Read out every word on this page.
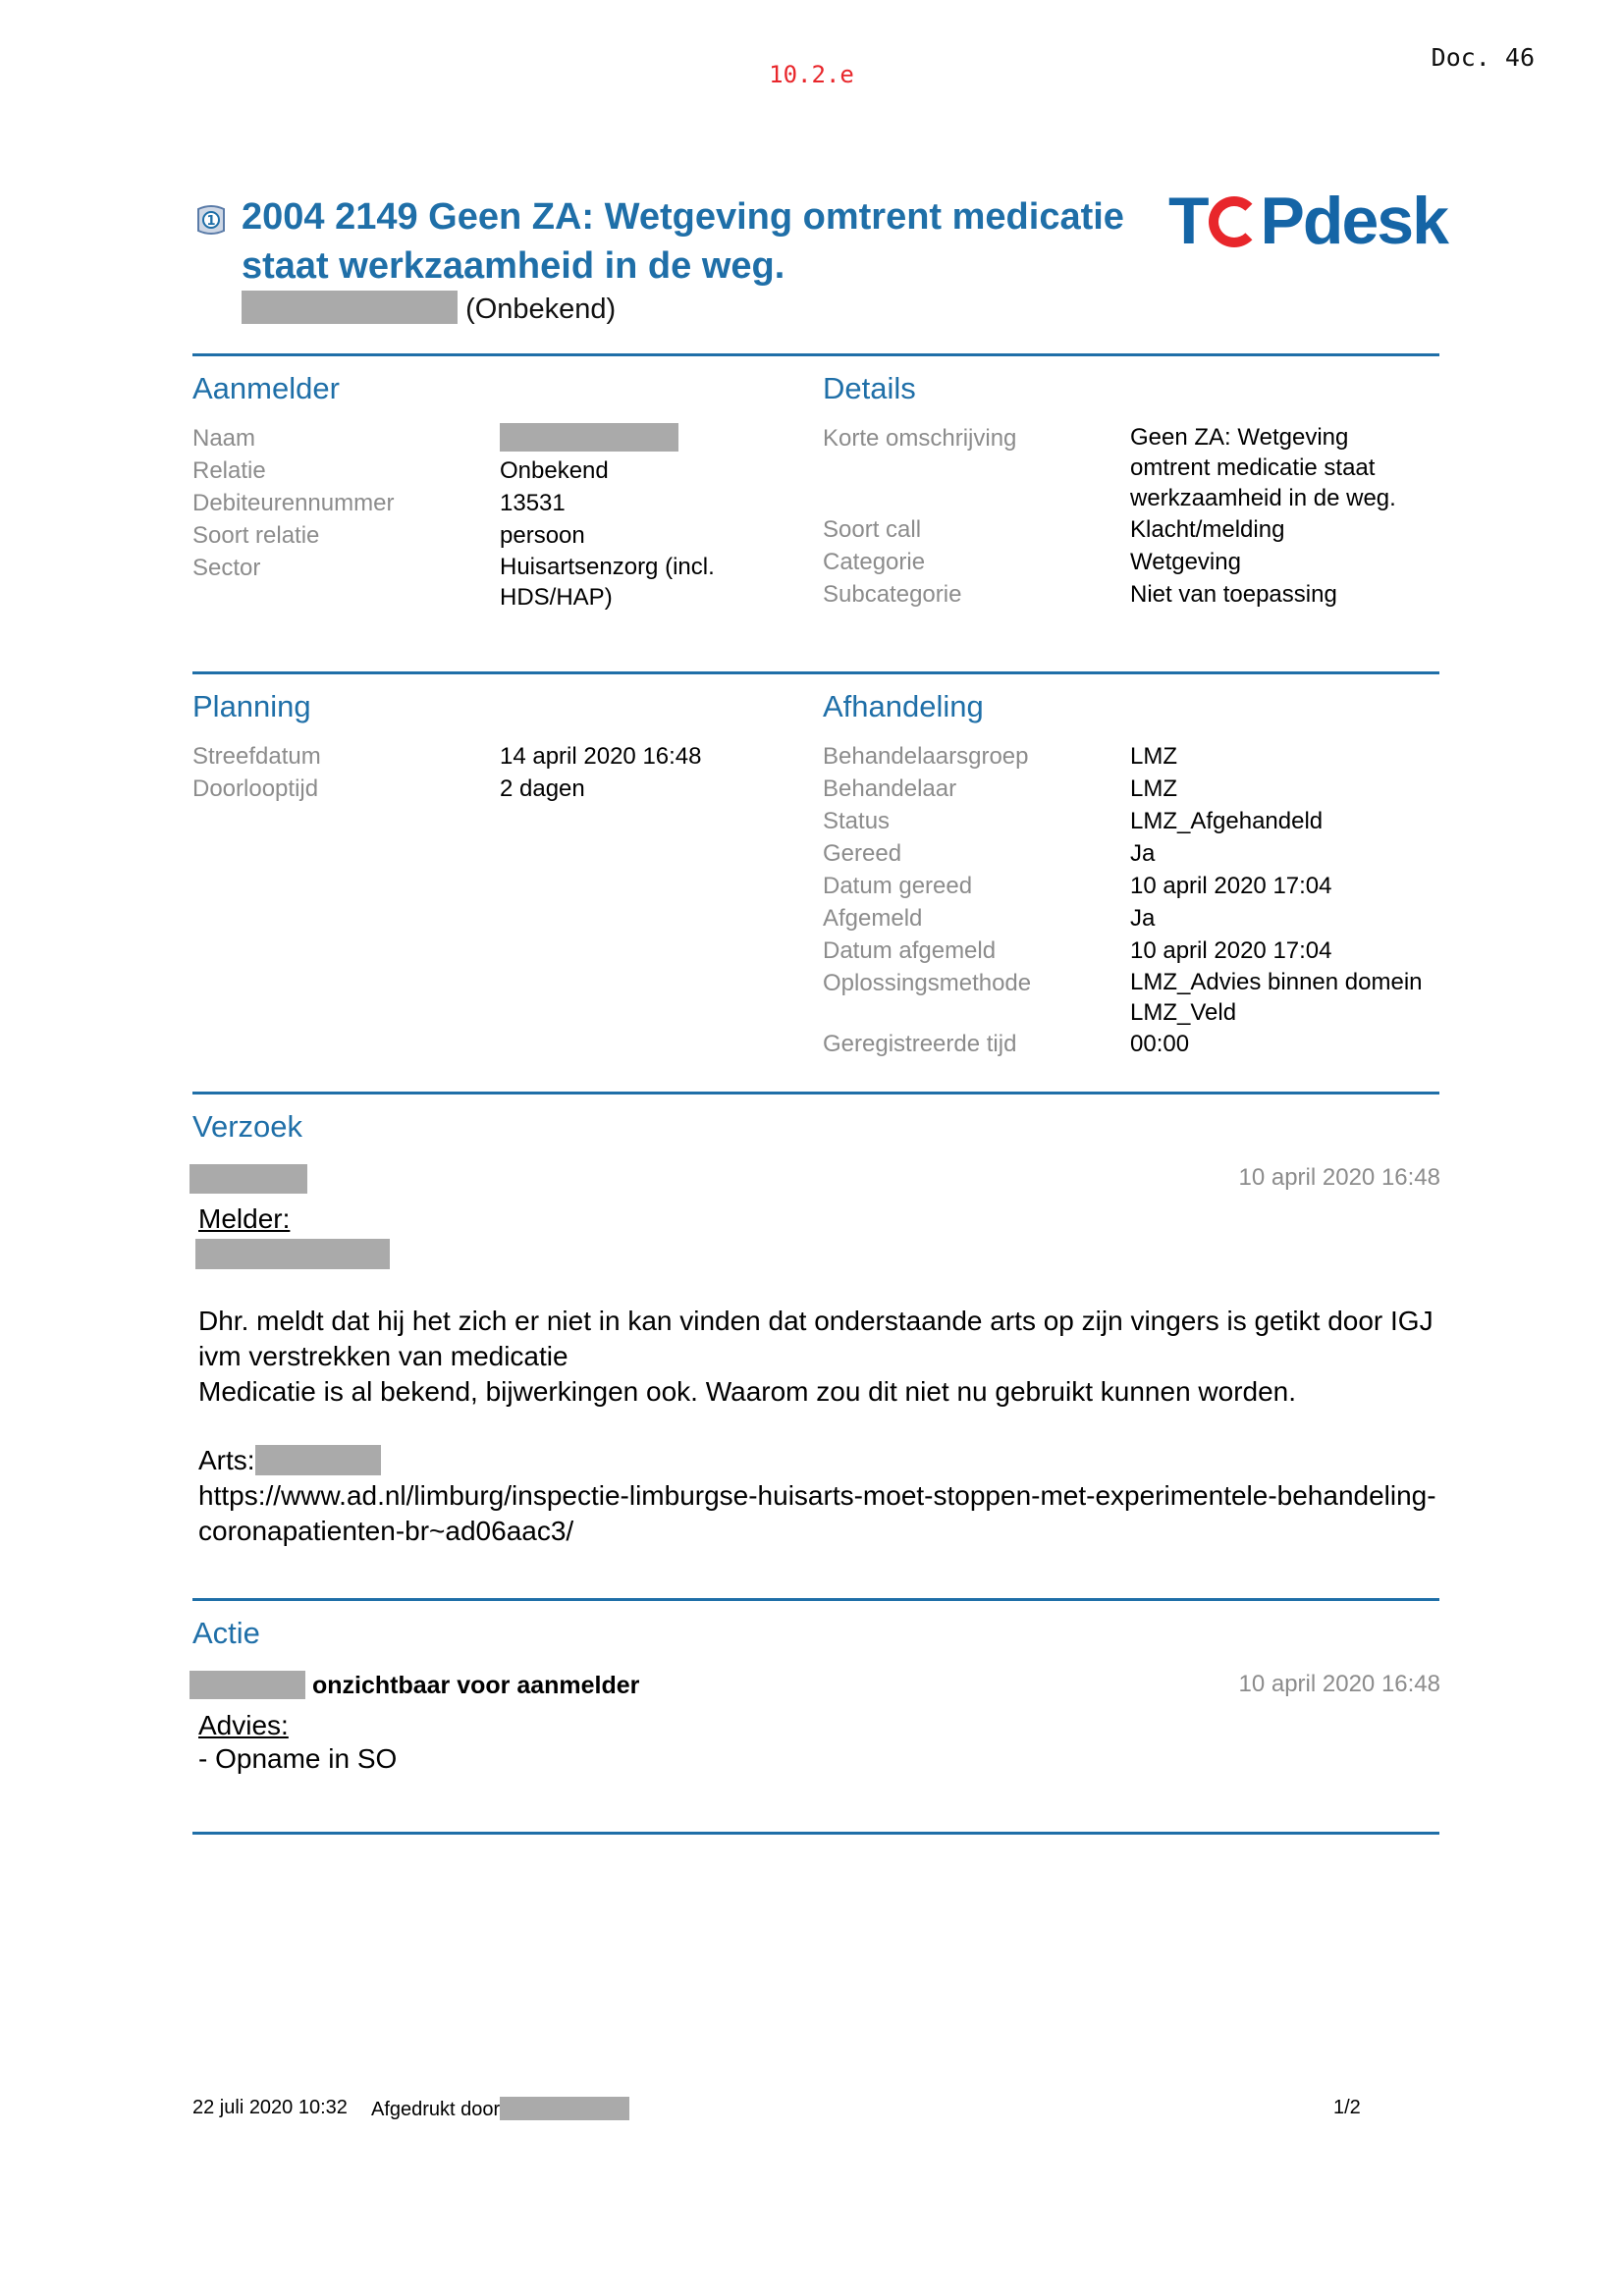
10.2.e
Doc. 46
1 2004 2149 Geen ZA: Wetgeving omtrent medicatie staat werkzaamheid in de weg.
T Pdesk
(Onbekend)
Aanmelder
Naam
Relatie	Onbekend
Debiteurennummer	13531
Soort relatie	persoon
Sector	Huisartsenzorg (incl. HDS/HAP)
Details
Korte omschrijving	Geen ZA: Wetgeving omtrent medicatie staat werkzaamheid in de weg.
Soort call	Klacht/melding
Categorie	Wetgeving
Subcategorie	Niet van toepassing
Planning
Streefdatum	14 april 2020 16:48
Doorlooptijd	2 dagen
Afhandeling
Behandelaarsgroep	LMZ
Behandelaar	LMZ
Status	LMZ_Afgehandeld
Gereed	Ja
Datum gereed	10 april 2020 17:04
Afgemeld	Ja
Datum afgemeld	10 april 2020 17:04
Oplossingsmethode	LMZ_Advies binnen domein LMZ_Veld
Geregistreerde tijd	00:00
Verzoek
10 april 2020 16:48
Melder:
Dhr. meldt dat hij het zich er niet in kan vinden dat onderstaande arts op zijn vingers is getikt door IGJ ivm verstrekken van medicatie
Medicatie is al bekend, bijwerkingen ook. Waarom zou dit niet nu gebruikt kunnen worden.
Arts:
https://www.ad.nl/limburg/inspectie-limburgse-huisarts-moet-stoppen-met-experimentele-behandeling-coronapatienten-br~ad06aac3/
Actie
onzichtbaar voor aanmelder	10 april 2020 16:48
Advies:
- Opname in SO
22 juli 2020 10:32 Afgedrukt door	1/2
